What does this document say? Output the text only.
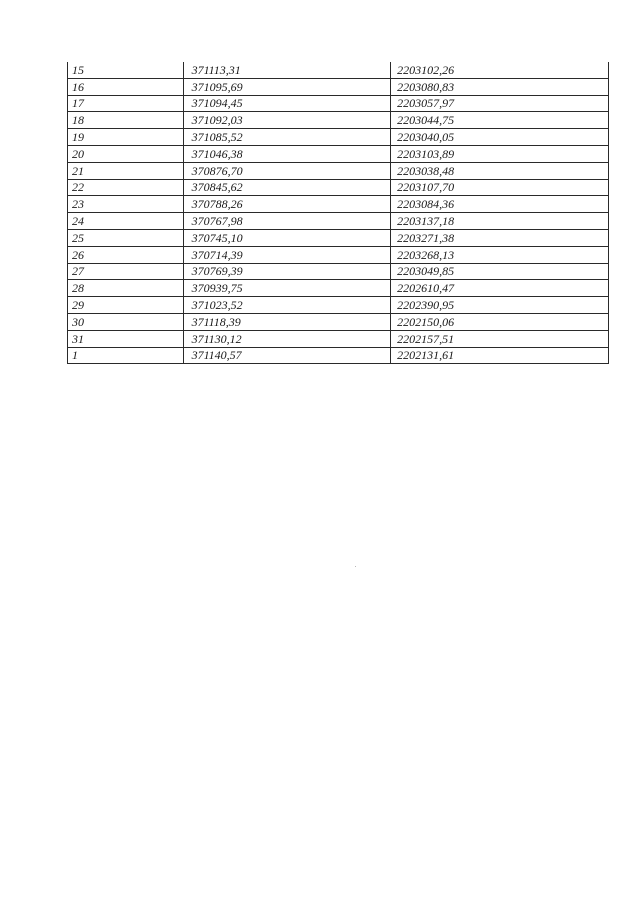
15	371113,31	2203102,26
16	371095,69	2203080,83
17	371094,45	2203057,97
18	371092,03	2203044,75
19	371085,52	2203040,05
20	371046,38	2203103,89
21	370876,70	2203038,48
22	370845,62	2203107,70
23	370788,26	2203084,36
24	370767,98	2203137,18
25	370745,10	2203271,38
26	370714,39	2203268,13
27	370769,39	2203049,85
28	370939,75	2202610,47
29	371023,52	2202390,95
30	371118,39	2202150,06
31	371130,12	2202157,51
1	371140,57	2202131,61
